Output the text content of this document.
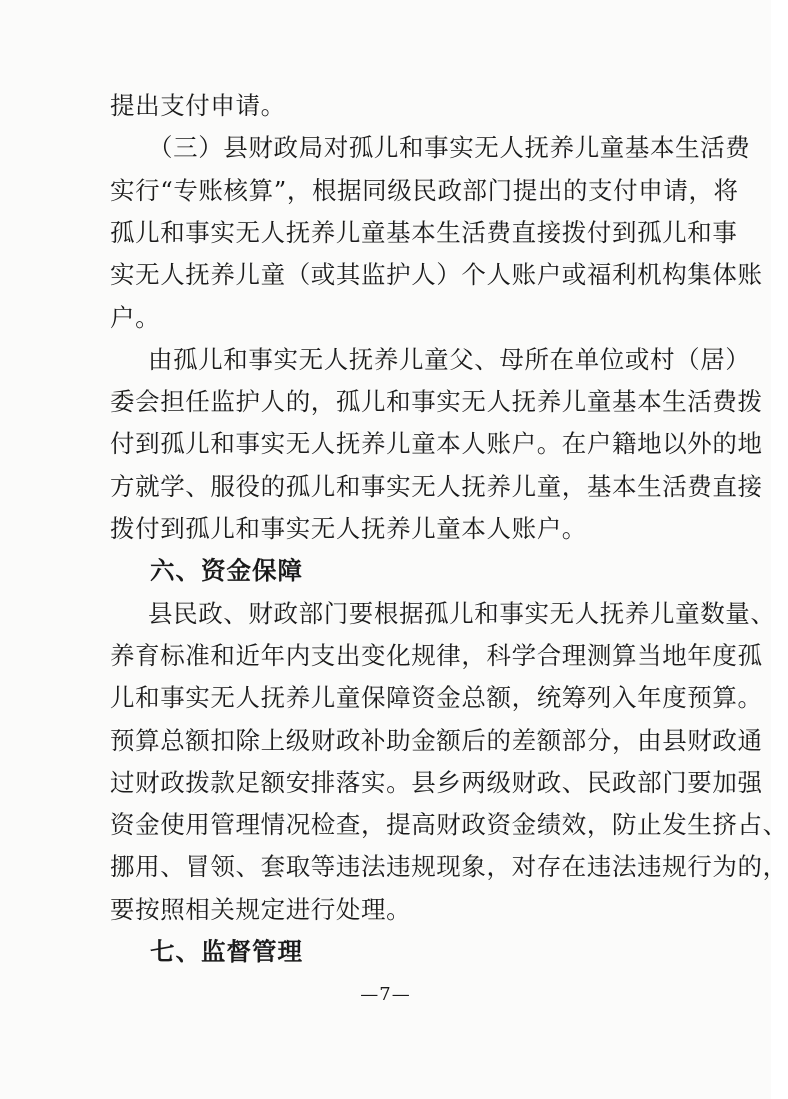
提出支付申请。
（三）县财政局对孤儿和事实无人抚养儿童基本生活费
实行“专账核算”，根据同级民政部门提出的支付申请，将
孤儿和事实无人抚养儿童基本生活费直接拨付到孤儿和事
实无人抚养儿童（或其监护人）个人账户或福利机构集体账
户。
由孤儿和事实无人抚养儿童父、母所在单位或村（居）
委会担任监护人的，孤儿和事实无人抚养儿童基本生活费拨
付到孤儿和事实无人抚养儿童本人账户。在户籍地以外的地
方就学、服役的孤儿和事实无人抚养儿童，基本生活费直接
拨付到孤儿和事实无人抚养儿童本人账户。
六、资金保障
县民政、财政部门要根据孤儿和事实无人抚养儿童数量、
养育标准和近年内支出变化规律，科学合理测算当地年度孤
儿和事实无人抚养儿童保障资金总额，统筹列入年度预算。
预算总额扣除上级财政补助金额后的差额部分，由县财政通
过财政拨款足额安排落实。县乡两级财政、民政部门要加强
资金使用管理情况检查，提高财政资金绩效，防止发生挤占、
挪用、冒领、套取等违法违规现象，对存在违法违规行为的，
要按照相关规定进行处理。
七、监督管理
—7—
